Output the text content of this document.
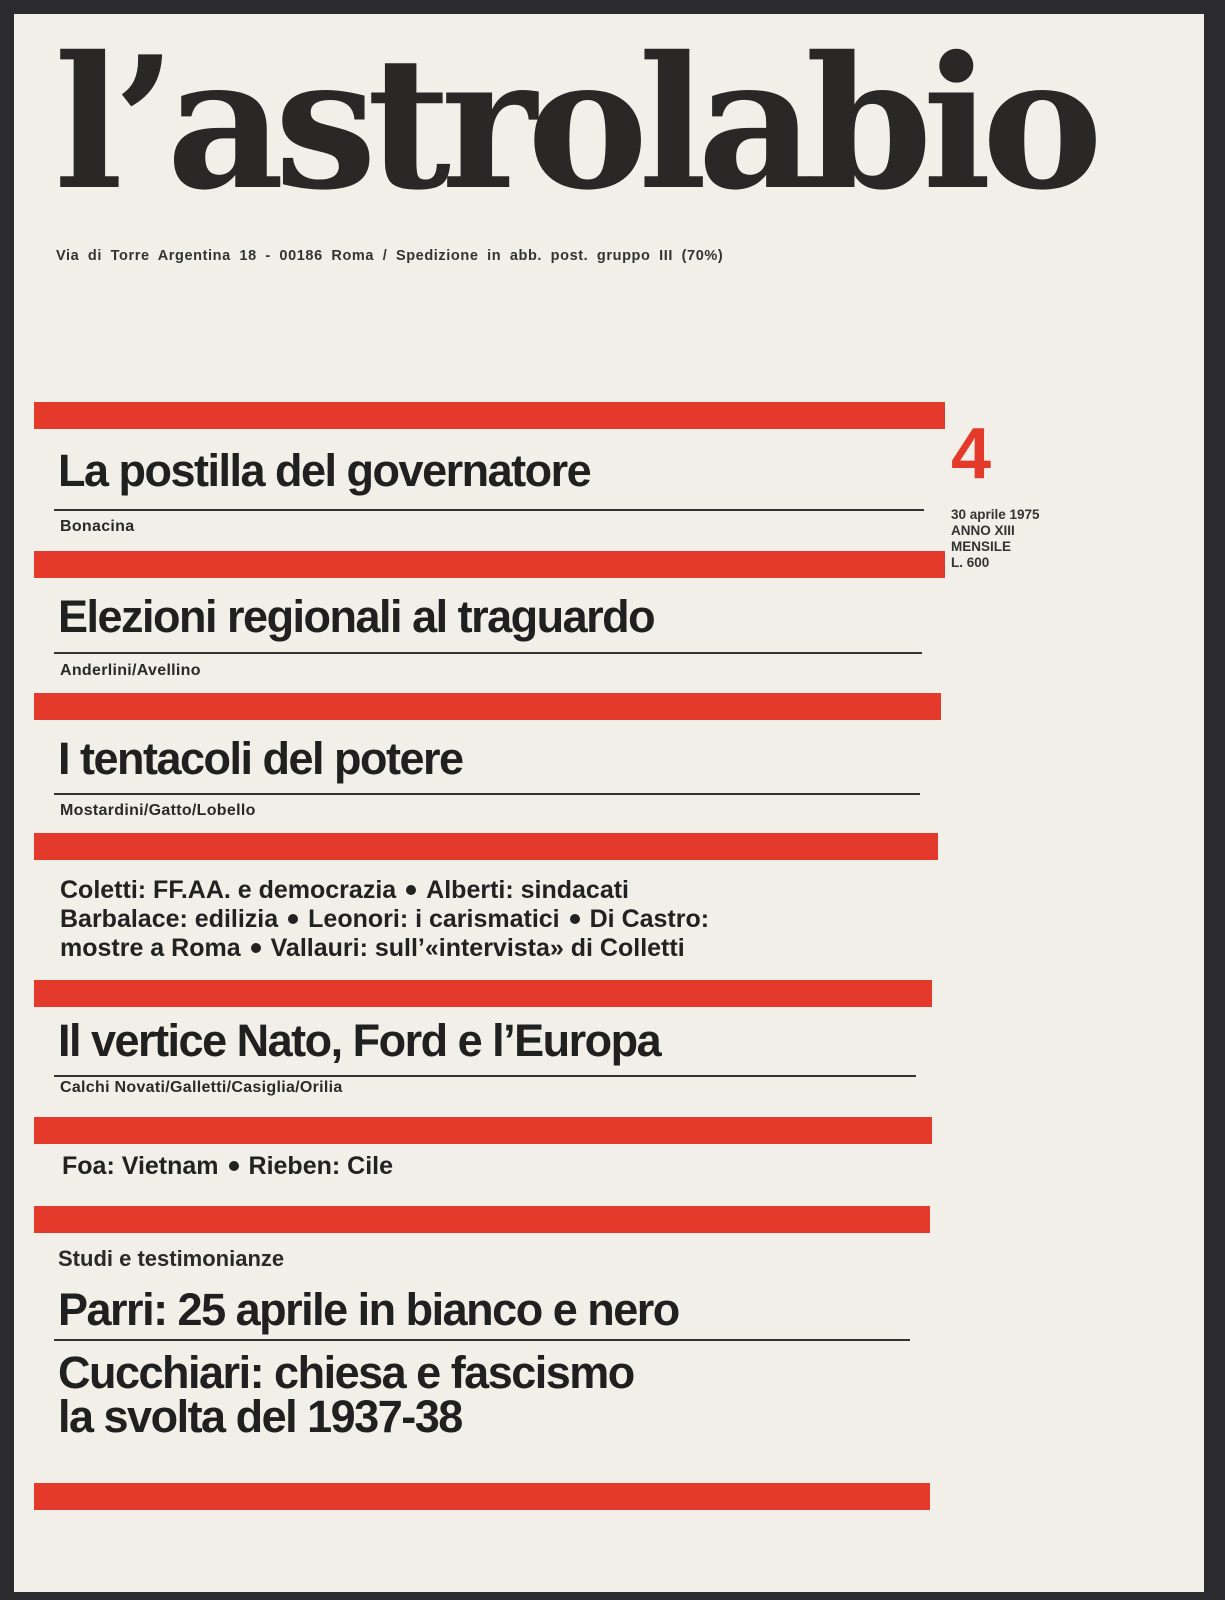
l’astrolabio
Via di Torre Argentina 18 - 00186 Roma / Spedizione in abb. post. gruppo III (70%)
4
30 aprile 1975
ANNO XIII
MENSILE
L. 600
La postilla del governatore
Bonacina
Elezioni regionali al traguardo
Anderlini/Avellino
I tentacoli del potere
Mostardini/Gatto/Lobello
Coletti: FF.AA. e democrazia Alberti: sindacati
Barbalace: edilizia Leonori: i carismatici Di Castro:
mostre a Roma Vallauri: sull’«intervista» di Colletti
Il vertice Nato, Ford e l’Europa
Calchi Novati/Galletti/Casiglia/Orilia
Foa: Vietnam Rieben: Cile
Studi e testimonianze
Parri: 25 aprile in bianco e nero
Cucchiari: chiesa e fascismo
la svolta del 1937-38
